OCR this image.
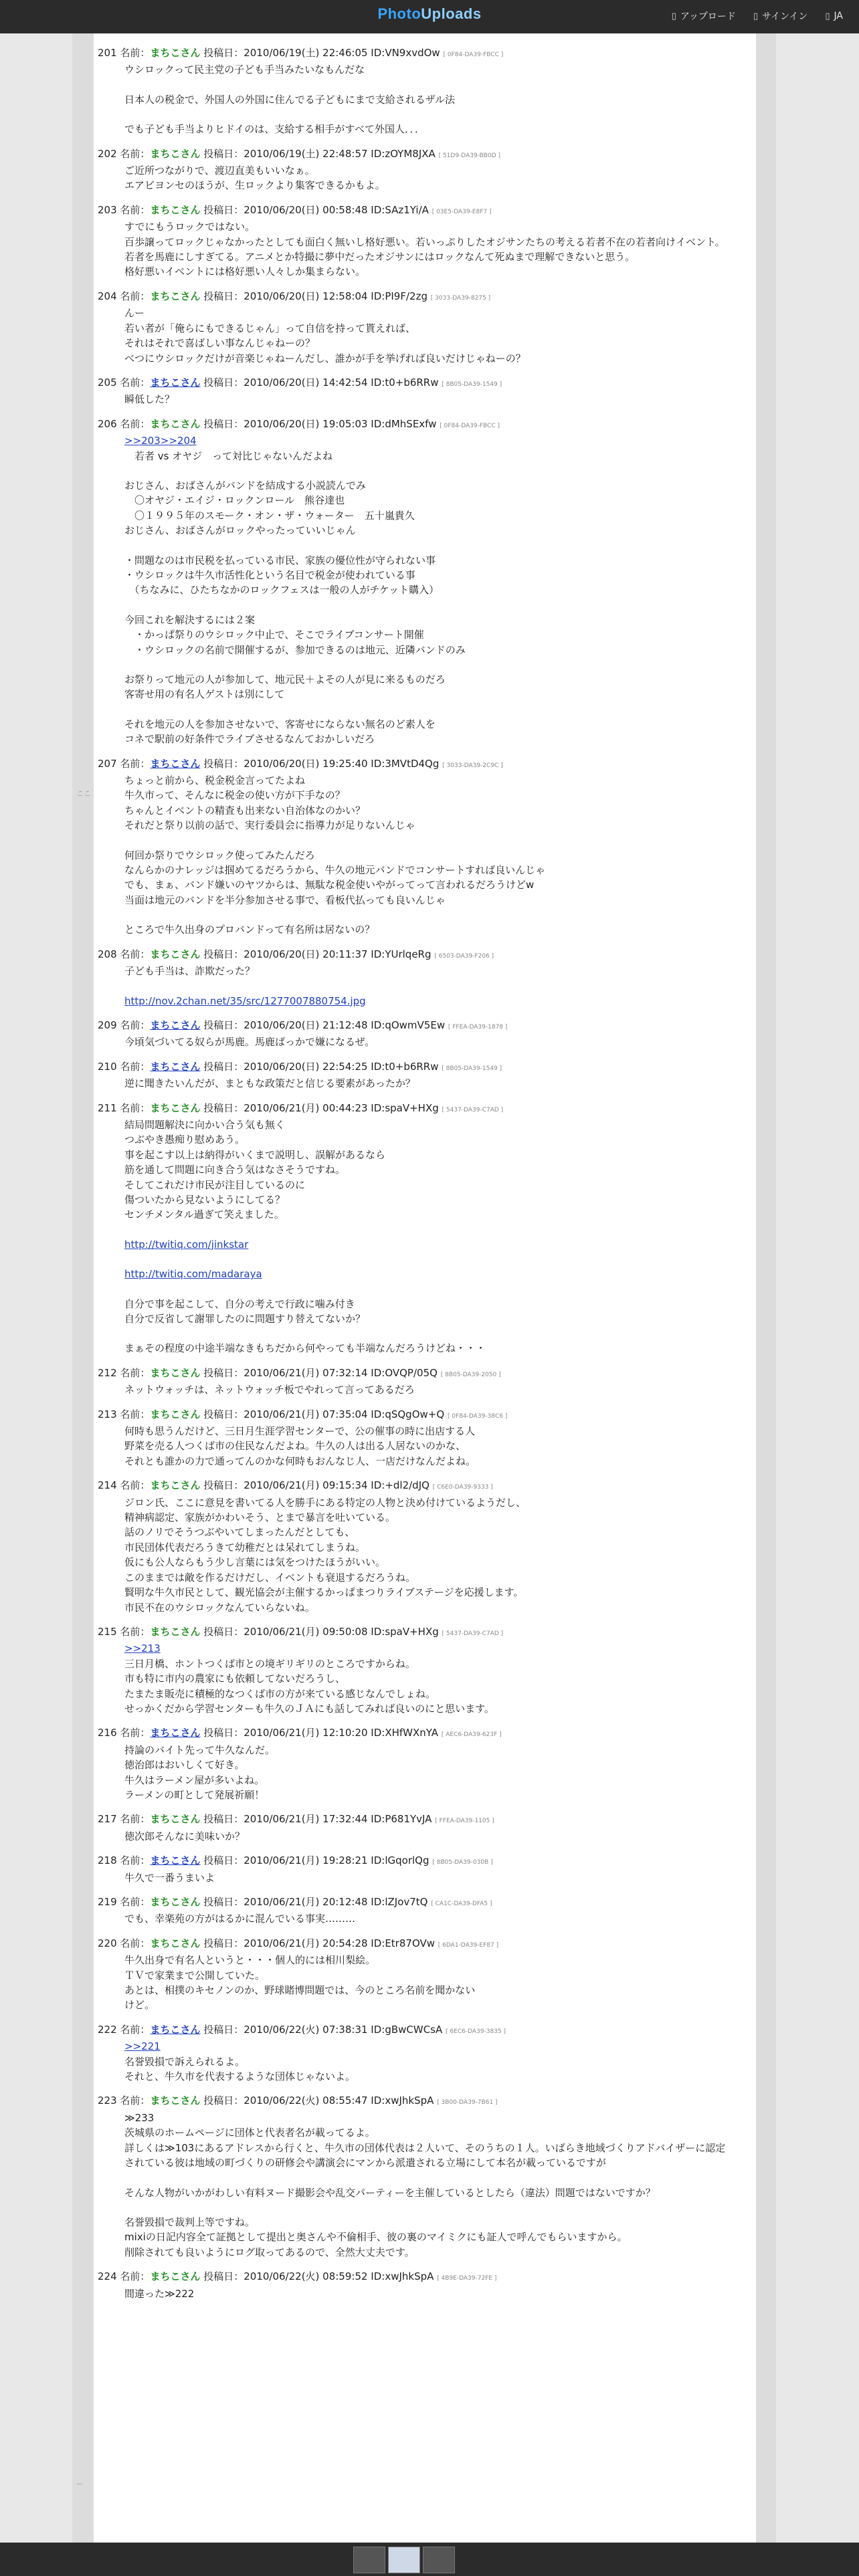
PhotoUploads	▯ アップロード ▯ サインイン ▯ JA
ここ
ー
201 名前：まちこさん 投稿日：2010/06/19(土) 22:46:05 ID:VN9xvdOw [ 0F84-DA39-FBCC ]
ウシロックって民主党の子ども手当みたいなもんだな
日本人の税金で、外国人の外国に住んでる子どもにまで支給されるザル法
でも子ども手当よりヒドイのは、支給する相手がすべて外国人．．．
202 名前：まちこさん 投稿日：2010/06/19(土) 22:48:57 ID:zOYM8JXA [ 51D9-DA39-BB0D ]
ご近所つながりで、渡辺直美もいいなぁ。
エアビヨンセのほうが、生ロックより集客できるかもよ。
203 名前：まちこさん 投稿日：2010/06/20(日) 00:58:48 ID:SAz1Yi/A [ 03E5-DA39-E8F7 ]
すでにもうロックではない。
百歩譲ってロックじゃなかったとしても面白く無いし格好悪い。若いっぷりしたオジサンたちの考える若者不在の若者向けイベント。
若者を馬鹿にしすぎてる。アニメとか特撮に夢中だったオジサンにはロックなんて死ぬまで理解できないと思う。
格好悪いイベントには格好悪い人々しか集まらない。
204 名前：まちこさん 投稿日：2010/06/20(日) 12:58:04 ID:PI9F/2zg [ 3033-DA39-8275 ]
んー
若い者が「俺らにもできるじゃん」って自信を持って貰えれば、
それはそれで喜ばしい事なんじゃねーの？
べつにウシロックだけが音楽じゃねーんだし、誰かが手を挙げれば良いだけじゃねーの？
205 名前：まちこさん 投稿日：2010/06/20(日) 14:42:54 ID:t0+b6RRw [ 8B05-DA39-1549 ]
瞬低した？
206 名前：まちこさん 投稿日：2010/06/20(日) 19:05:03 ID:dMhSExfw [ 0F84-DA39-FBCC ]
>>203>>204
　若者 vs オヤジ　って対比じゃないんだよね
おじさん、おばさんがバンドを結成する小説読んでみ
　〇オヤジ・エイジ・ロックンロール　熊谷達也
　〇１９９５年のスモーク・オン・ザ・ウォーター　五十嵐貴久
おじさん、おばさんがロックやったっていいじゃん
・問題なのは市民税を払っている市民、家族の優位性が守られない事
・ウシロックは牛久市活性化という名目で税金が使われている事
　（ちなみに、ひたちなかのロックフェスは一般の人がチケット購入）
今回これを解決するには２案
　・かっぱ祭りのウシロック中止で、そこでライブコンサート開催
　・ウシロックの名前で開催するが、参加できるのは地元、近隣バンドのみ
お祭りって地元の人が参加して、地元民＋よその人が見に来るものだろ
客寄せ用の有名人ゲストは別にして
それを地元の人を参加させないで、客寄せにならない無名のど素人を
コネで駅前の好条件でライブさせるなんておかしいだろ
207 名前：まちこさん 投稿日：2010/06/20(日) 19:25:40 ID:3MVtD4Qg [ 3033-DA39-2C9C ]
ちょっと前から、税金税金言ってたよね
牛久市って、そんなに税金の使い方が下手なの？
ちゃんとイベントの精査も出来ない自治体なのかい？
それだと祭り以前の話で、実行委員会に指導力が足りないんじゃ
何回か祭りでウシロック使ってみたんだろ
なんらかのナレッジは掴めてるだろうから、牛久の地元バンドでコンサートすれば良いんじゃ
でも、まぁ、バンド嫌いのヤツからは、無駄な税金使いやがってって言われるだろうけどw
当面は地元のバンドを半分参加させる事で、看板代払っても良いんじゃ
ところで牛久出身のプロバンドって有名所は居ないの？
208 名前：まちこさん 投稿日：2010/06/20(日) 20:11:37 ID:YUrlqeRg [ 6503-DA39-F206 ]
子ども手当は、詐欺だった？
http://nov.2chan.net/35/src/1277007880754.jpg
209 名前：まちこさん 投稿日：2010/06/20(日) 21:12:48 ID:qOwmV5Ew [ FFEA-DA39-1878 ]
今頃気づいてる奴らが馬鹿。馬鹿ばっかで嫌になるぜ。
210 名前：まちこさん 投稿日：2010/06/20(日) 22:54:25 ID:t0+b6RRw [ 8B05-DA39-1549 ]
逆に聞きたいんだが、まともな政策だと信じる要素があったか？
211 名前：まちこさん 投稿日：2010/06/21(月) 00:44:23 ID:spaV+HXg [ 5437-DA39-C7AD ]
結局問題解決に向かい合う気も無く
つぶやき愚痴り慰めあう。
事を起こす以上は納得がいくまで説明し、誤解があるなら
筋を通して問題に向き合う気はなさそうですね。
そしてこれだけ市民が注目しているのに
傷ついたから見ないようにしてる？
センチメンタル過ぎて笑えました。
http://twitiq.com/jinkstar
http://twitiq.com/madaraya
自分で事を起こして、自分の考えで行政に噛み付き
自分で反省して謝罪したのに問題すり替えてないか？
まぁその程度の中途半端なきもちだから何やっても半端なんだろうけどね・・・
212 名前：まちこさん 投稿日：2010/06/21(月) 07:32:14 ID:OVQP/05Q [ 8B05-DA39-2050 ]
ネットウォッチは、ネットウォッチ板でやれって言ってあるだろ
213 名前：まちこさん 投稿日：2010/06/21(月) 07:35:04 ID:qSQgOw+Q [ 0F84-DA39-38C6 ]
何時も思うんだけど、三日月生涯学習センターで、公の催事の時に出店する人
野菜を売る人つくば市の住民なんだよね。牛久の人は出る人居ないのかな、
それとも誰かの力で通ってんのかな何時もおんなじ人、一店だけなんだよね。
214 名前：まちこさん 投稿日：2010/06/21(月) 09:15:34 ID:+dl2/dJQ [ C6E0-DA39-9333 ]
ジロン氏、ここに意見を書いてる人を勝手にある特定の人物と決め付けているようだし、
精神病認定、家族がかわいそう、とまで暴言を吐いている。
話のノリでそうつぶやいてしまったんだとしても、
市民団体代表だろうきて幼稚だとは呆れてしまうね。
仮にも公人ならもう少し言葉には気をつけたほうがいい。
このままでは敵を作るだけだし、イベントも衰退するだろうね。
賢明な牛久市民として、観光協会が主催するかっぱまつりライブステージを応援します。
市民不在のウシロックなんていらないね。
215 名前：まちこさん 投稿日：2010/06/21(月) 09:50:08 ID:spaV+HXg [ 5437-DA39-C7AD ]
>>213
三日月橋、ホントつくば市との境ギリギリのところですからね。
市も特に市内の農家にも依頼してないだろうし、
たまたま販売に積極的なつくば市の方が来ている感じなんでしょね。
せっかくだから学習センターも牛久のＪＡにも話してみれば良いのにと思います。
216 名前：まちこさん 投稿日：2010/06/21(月) 12:10:20 ID:XHfWXnYA [ AEC6-DA39-623F ]
持論のバイト先って牛久なんだ。
徳治郎はおいしくて好き。
牛久はラーメン屋が多いよね。
ラーメンの町として発展祈願！
217 名前：まちこさん 投稿日：2010/06/21(月) 17:32:44 ID:P681YvJA [ FFEA-DA39-1105 ]
徳次郎そんなに美味いか？
218 名前：まちこさん 投稿日：2010/06/21(月) 19:28:21 ID:lGqorlQg [ 8B05-DA39-030B ]
牛久で一番うまいよ
219 名前：まちこさん 投稿日：2010/06/21(月) 20:12:48 ID:lZJov7tQ [ CA1C-DA39-DFA5 ]
でも、幸楽苑の方がはるかに混んでいる事実………
220 名前：まちこさん 投稿日：2010/06/21(月) 20:54:28 ID:Etr87OVw [ 6DA1-DA39-EF87 ]
牛久出身で有名人というと・・・個人的には相川梨絵。
ＴＶで家業まで公開していた。
あとは、相撲のキセノンのか、野球賭博問題では、今のところ名前を聞かない
けど。
222 名前：まちこさん 投稿日：2010/06/22(火) 07:38:31 ID:gBwCWCsA [ 6EC6-DA39-3835 ]
>>221
名誉毀損で訴えられるよ。
それと、牛久市を代表するような団体じゃないよ。
223 名前：まちこさん 投稿日：2010/06/22(火) 08:55:47 ID:xwJhkSpA [ 3B00-DA39-7B61 ]
≫233
茨城県のホームページに団体と代表者名が載ってるよ。
詳しくは≫103にあるアドレスから行くと、牛久市の団体代表は２人いて、そのうちの１人。いばらき地域づくりアドバイザーに認定
されている彼は地域の町づくりの研修会や講演会にマンから派遣される立場にして本名が載っているですが
そんな人物がいかがわしい有料ヌード撮影会や乱交パーティーを主催しているとしたら（違法）問題ではないですか？
名誉毀損で裁判上等ですね。
mixiの日記内容全て証拠として提出と奥さんや不倫相手、彼の裏のマイミクにも証人で呼んでもらいますから。
削除されても良いようにログ取ってあるので、全然大丈夫です。
224 名前：まちこさん 投稿日：2010/06/22(火) 08:59:52 ID:xwJhkSpA [ 4B9E-DA39-72FE ]
間違った≫222
